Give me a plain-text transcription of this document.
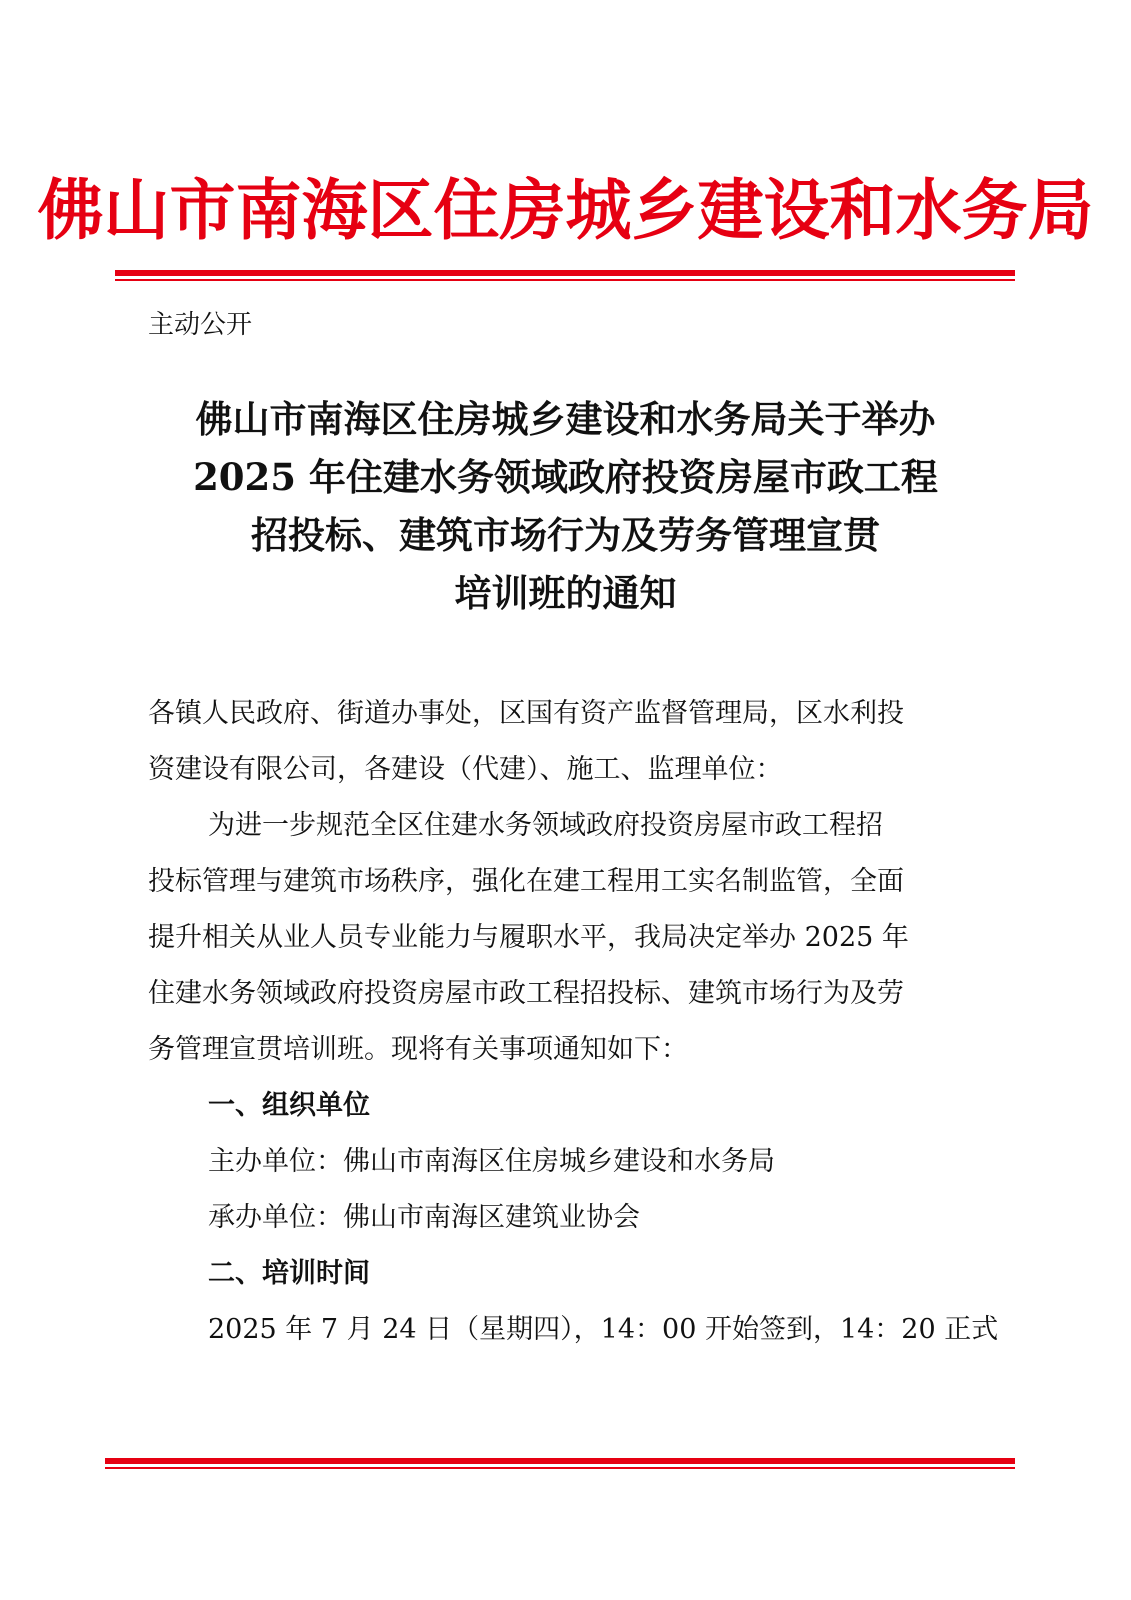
佛山市南海区住房城乡建设和水务局
主动公开
佛山市南海区住房城乡建设和水务局关于举办
2025 年住建水务领域政府投资房屋市政工程
招投标、建筑市场行为及劳务管理宣贯
培训班的通知
各镇人民政府、街道办事处，区国有资产监督管理局，区水利投
资建设有限公司，各建设（代建）、施工、监理单位：
为进一步规范全区住建水务领域政府投资房屋市政工程招
投标管理与建筑市场秩序，强化在建工程用工实名制监管，全面
提升相关从业人员专业能力与履职水平，我局决定举办 2025 年
住建水务领域政府投资房屋市政工程招投标、建筑市场行为及劳
务管理宣贯培训班。现将有关事项通知如下：
一、组织单位
主办单位：佛山市南海区住房城乡建设和水务局
承办单位：佛山市南海区建筑业协会
二、培训时间
2025 年 7 月 24 日（星期四），14：00 开始签到，14：20 正式
